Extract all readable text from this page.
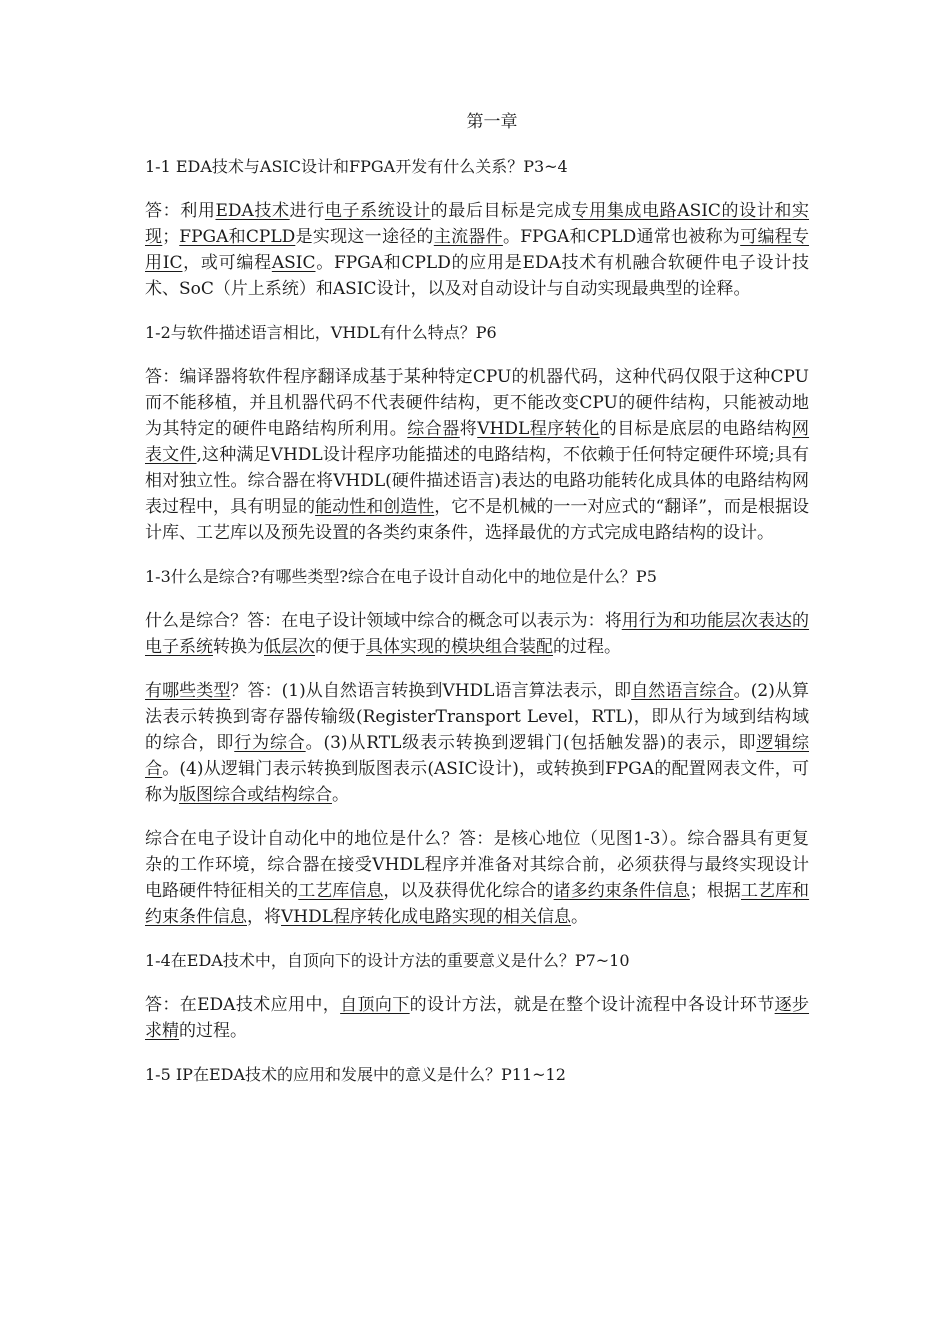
第一章
1-1 EDA技术与ASIC设计和FPGA开发有什么关系？P3~4
答：利用EDA技术进行电子系统设计的最后目标是完成专用集成电路ASIC的设计和实现；FPGA和CPLD是实现这一途径的主流器件。FPGA和CPLD通常也被称为可编程专用IC，或可编程ASIC。FPGA和CPLD的应用是EDA技术有机融合软硬件电子设计技术、SoC（片上系统）和ASIC设计，以及对自动设计与自动实现最典型的诠释。
1-2与软件描述语言相比，VHDL有什么特点？P6
答：编译器将软件程序翻译成基于某种特定CPU的机器代码，这种代码仅限于这种CPU而不能移植，并且机器代码不代表硬件结构，更不能改变CPU的硬件结构，只能被动地为其特定的硬件电路结构所利用。综合器将VHDL程序转化的目标是底层的电路结构网表文件,这种满足VHDL设计程序功能描述的电路结构，不依赖于任何特定硬件环境;具有相对独立性。综合器在将VHDL(硬件描述语言)表达的电路功能转化成具体的电路结构网表过程中，具有明显的能动性和创造性，它不是机械的一一对应式的“翻译”，而是根据设计库、工艺库以及预先设置的各类约束条件，选择最优的方式完成电路结构的设计。
1-3什么是综合?有哪些类型?综合在电子设计自动化中的地位是什么？P5
什么是综合？答：在电子设计领域中综合的概念可以表示为：将用行为和功能层次表达的电子系统转换为低层次的便于具体实现的模块组合装配的过程。
有哪些类型？答：(1)从自然语言转换到VHDL语言算法表示，即自然语言综合。(2)从算法表示转换到寄存器传输级(RegisterTransport Level，RTL)，即从行为域到结构域的综合，即行为综合。(3)从RTL级表示转换到逻辑门(包括触发器)的表示，即逻辑综合。(4)从逻辑门表示转换到版图表示(ASIC设计)，或转换到FPGA的配置网表文件，可称为版图综合或结构综合。
综合在电子设计自动化中的地位是什么？答：是核心地位（见图1-3）。综合器具有更复杂的工作环境，综合器在接受VHDL程序并准备对其综合前，必须获得与最终实现设计电路硬件特征相关的工艺库信息，以及获得优化综合的诸多约束条件信息；根据工艺库和约束条件信息，将VHDL程序转化成电路实现的相关信息。
1-4在EDA技术中，自顶向下的设计方法的重要意义是什么？P7~10
答：在EDA技术应用中，自顶向下的设计方法，就是在整个设计流程中各设计环节逐步求精的过程。
1-5 IP在EDA技术的应用和发展中的意义是什么？P11~12
